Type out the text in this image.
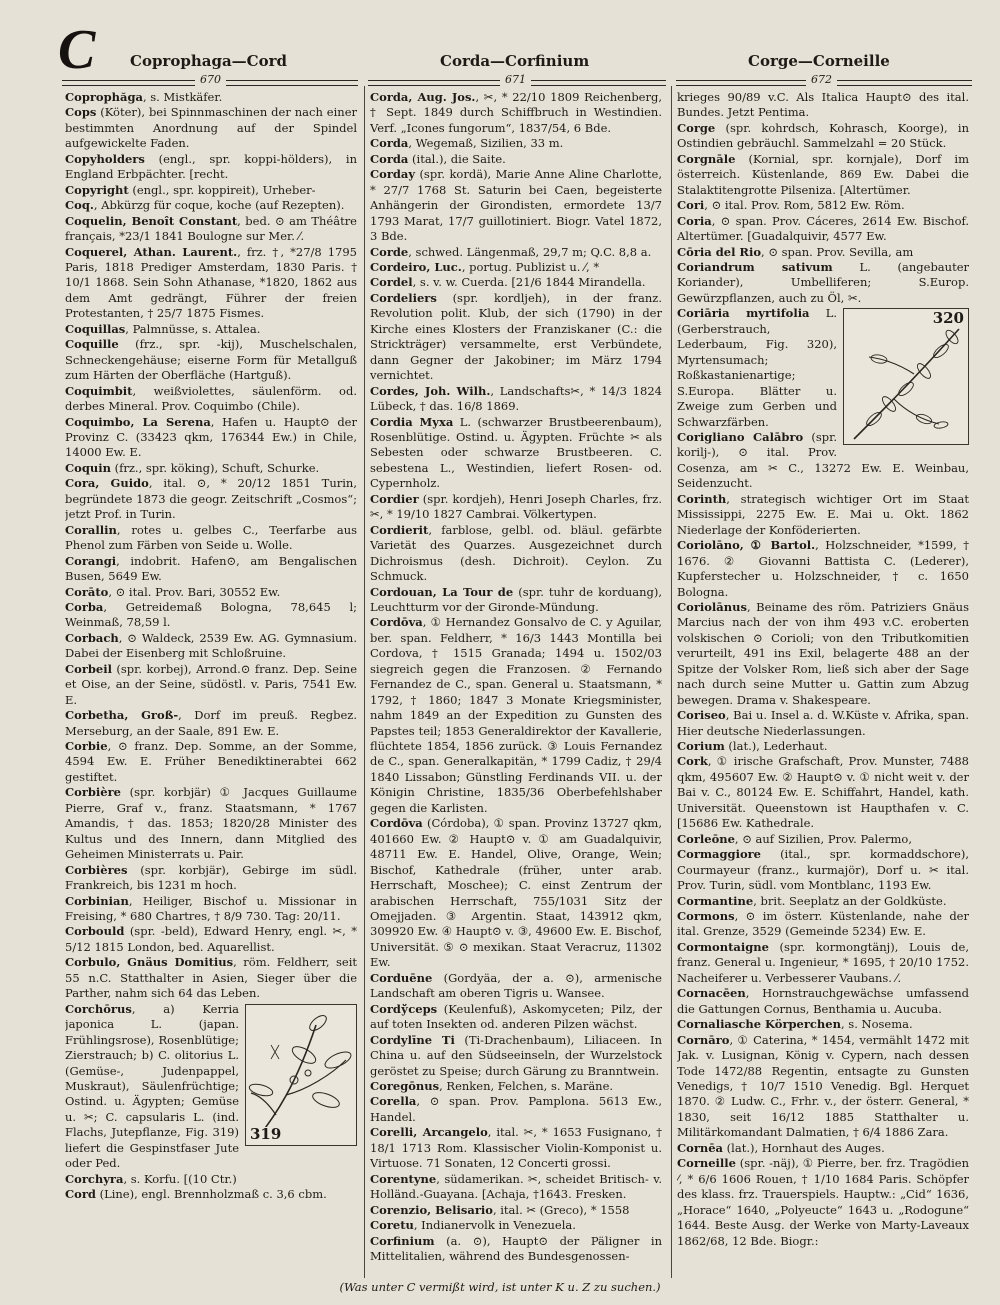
C Coprophaga—Cord	Corda—Corfinium	Corge—Corneille
670	671	672

Coprophăga, s. Mistkäfer.

Cops (Köter), bei Spinnmaschinen der nach einer bestimmten Anordnung auf der Spindel aufgewickelte Faden.

Copyholders (engl., spr. koppi-hölders), in England Erbpächter. [recht.

Copyright (engl., spr. koppireit), Urheber-

Coq., Abkürzg für coque, koche (auf Rezepten).

Coquelin, Benoît Constant, bed. ⊙ am Théâtre français, *23/1 1841 Boulogne sur Mer. ⁄.

Coquerel, Athan. Laurent., frz. †, *27/8 1795 Paris, 1818 Prediger Amsterdam, 1830 Paris. † 10/1 1868. Sein Sohn Athanase, *1820, 1862 aus dem Amt gedrängt, Führer der freien Protestanten, † 25/7 1875 Fismes.

Coquillas, Palmnüsse, s. Attalea.

Coquille (frz., spr. -kij), Muschelschalen, Schneckengehäuse; eiserne Form für Metallguß zum Härten der Oberfläche (Hartguß).

Coquimbit, weißviolettes, säulenförm. od. derbes Mineral. Prov. Coquimbo (Chile).

Coquimbo, La Serena, Hafen u. Haupt⊙ der Provinz C. (33423 qkm, 176344 Ew.) in Chile, 14000 Ew. E.

Coquin (frz., spr. köking), Schuft, Schurke.

Cora, Guido, ital. ⊙, * 20/12 1851 Turin, begründete 1873 die geogr. Zeitschrift „Cosmos“; jetzt Prof. in Turin.

Corallin, rotes u. gelbes C., Teerfarbe aus Phenol zum Färben von Seide u. Wolle.

Corangi, indobrit. Hafen⊙, am Bengalischen Busen, 5649 Ew.

Corāto, ⊙ ital. Prov. Bari, 30552 Ew.

Corba, Getreidemaß Bologna, 78,645 l; Weinmaß, 78,59 l.

Corbach, ⊙ Waldeck, 2539 Ew. AG. Gymnasium. Dabei der Eisenberg mit Schloßruine.

Corbeil (spr. korbej), Arrond.⊙ franz. Dep. Seine et Oise, an der Seine, südöstl. v. Paris, 7541 Ew. E.

Corbetha, Groß-, Dorf im preuß. Regbez. Merseburg, an der Saale, 891 Ew. E.

Corbie, ⊙ franz. Dep. Somme, an der Somme, 4594 Ew. E. Früher Benediktinerabtei 662 gestiftet.

Corbière (spr. korbjär) ① Jacques Guillaume Pierre, Graf v., franz. Staatsmann, * 1767 Amandis, † das. 1853; 1820/28 Minister des Kultus und des Innern, dann Mitglied des Geheimen Ministerrats u. Pair.

Corbières (spr. korbjär), Gebirge im südl. Frankreich, bis 1231 m hoch.

Corbinian, Heiliger, Bischof u. Missionar in Freising, * 680 Chartres, † 8/9 730. Tag: 20/11.

Corbould (spr. -beld), Edward Henry, engl. ✂, * 5/12 1815 London, bed. Aquarellist.

Corbulo, Gnäus Domitius, röm. Feldherr, seit 55 n.C. Statthalter in Asien, Sieger über die Parther, nahm sich 64 das Leben.

319
Corchōrus, a) Kerria japonica L. (japan. Frühlingsrose), Rosenblütige; Zierstrauch; b) C. olitorius L. (Gemüse-, Judenpappel, Muskraut), Säulenfrüchtige; Ostind. u. Ägypten; Gemüse u. ✂; C. capsularis L. (ind. Flachs, Jutepflanze, Fig. 319) liefert die Gespinstfaser Jute oder Ped.

Corchyra, s. Korfu. [(10 Ctr.)

Cord (Line), engl. Brennholzmaß c. 3,6 cbm.

Corda, Aug. Jos., ✂, * 22/10 1809 Reichenberg, † Sept. 1849 durch Schiffbruch in Westindien. Verf. „Icones fungorum“, 1837/54, 6 Bde.

Corda, Wegemaß, Sizilien, 33 m.

Corda (ital.), die Saite.

Corday (spr. kordä), Marie Anne Aline Charlotte, * 27/7 1768 St. Saturin bei Caen, begeisterte Anhängerin der Girondisten, ermordete 13/7 1793 Marat, 17/7 guillotiniert. Biogr. Vatel 1872, 3 Bde.

Corde, schwed. Längenmaß, 29,7 m; Q.C. 8,8 a.

Cordeiro, Luc., portug. Publizist u. ⁄, *

Cordel, s. v. w. Cuerda. [21/6 1844 Mirandella.

Cordeliers (spr. kordljeh), in der franz. Revolution polit. Klub, der sich (1790) in der Kirche eines Klosters der Franziskaner (C.: die Strickträger) versammelte, erst Verbündete, dann Gegner der Jakobiner; im März 1794 vernichtet.

Cordes, Joh. Wilh., Landschafts✂, * 14/3 1824 Lübeck, † das. 16/8 1869.

Cordia Myxa L. (schwarzer Brustbeerenbaum), Rosenblütige. Ostind. u. Ägypten. Früchte ✂ als Sebesten oder schwarze Brustbeeren. C. sebestena L., Westindien, liefert Rosen- od. Cypernholz.

Cordier (spr. kordjeh), Henri Joseph Charles, frz. ✂, * 19/10 1827 Cambrai. Völkertypen.

Cordierit, farblose, gelbl. od. bläul. gefärbte Varietät des Quarzes. Ausgezeichnet durch Dichroismus (desh. Dichroit). Ceylon. Zu Schmuck.

Cordouan, La Tour de (spr. tuhr de korduang), Leuchtturm vor der Gironde-Mündung.

Cordōva, ① Hernandez Gonsalvo de C. y Aguilar, ber. span. Feldherr, * 16/3 1443 Montilla bei Cordova, † 1515 Granada; 1494 u. 1502/03 siegreich gegen die Franzosen. ② Fernando Fernandez de C., span. General u. Staatsmann, * 1792, † 1860; 1847 3 Monate Kriegsminister, nahm 1849 an der Expedition zu Gunsten des Papstes teil; 1853 Generaldirektor der Kavallerie, flüchtete 1854, 1856 zurück. ③ Louis Fernandez de C., span. Generalkapitän, * 1799 Cadiz, † 29/4 1840 Lissabon; Günstling Ferdinands VII. u. der Königin Christine, 1835/36 Oberbefehlshaber gegen die Karlisten.

Cordōva (Córdoba), ① span. Provinz 13727 qkm, 401660 Ew. ② Haupt⊙ v. ① am Guadalquivir, 48711 Ew. E. Handel, Olive, Orange, Wein; Bischof, Kathedrale (früher, unter arab. Herrschaft, Moschee); C. einst Zentrum der arabischen Herrschaft, 755/1031 Sitz der Omejjaden. ③ Argentin. Staat, 143912 qkm, 309920 Ew. ④ Haupt⊙ v. ③, 49600 Ew. E. Bischof, Universität. ⑤ ⊙ mexikan. Staat Veracruz, 11302 Ew.

Corduēne (Gordyäa, der a. ⊙), armenische Landschaft am oberen Tigris u. Wansee.

Cordўceps (Keulenfuß), Askomyceten; Pilz, der auf toten Insekten od. anderen Pilzen wächst.

Cordylīne Ti (Ti-Drachenbaum), Liliaceen. In China u. auf den Südseeinseln, der Wurzelstock geröstet zu Speise; durch Gärung zu Branntwein.

Coregōnus, Renken, Felchen, s. Maräne.

Corella, ⊙ span. Prov. Pamplona. 5613 Ew., Handel.

Corelli, Arcangelo, ital. ✂, * 1653 Fusignano, † 18/1 1713 Rom. Klassischer Violin-Komponist u. Virtuose. 71 Sonaten, 12 Concerti grossi.

Corentyne, südamerikan. ✂, scheidet Britisch- v. Holländ.-Guayana. [Achaja, †1643. Fresken.

Corenzio, Belisario, ital. ✂ (Greco), * 1558

Coretu, Indianervolk in Venezuela.

Corfinium (a. ⊙), Haupt⊙ der Päligner in Mittelitalien, während des Bundesgenossen-

krieges 90/89 v.C. Als Italica Haupt⊙ des ital. Bundes. Jetzt Pentima.

Corge (spr. kohrdsch, Kohrasch, Koorge), in Ostindien gebräuchl. Sammelzahl = 20 Stück.

Corgnāle (Kornial, spr. kornjale), Dorf im österreich. Küstenlande, 869 Ew. Dabei die Stalaktitengrotte Pilsenizа. [Altertümer.

Cori, ⊙ ital. Prov. Rom, 5812 Ew. Röm.

Coria, ⊙ span. Prov. Cáceres, 2614 Ew. Bischof. Altertümer. [Guadalquivir, 4577 Ew.

Cōria del Rio, ⊙ span. Prov. Sevilla, am

Coriandrum sativum L. (angebauter Koriander), Umbelliferen; S.Europ. Gewürzpflanzen, auch zu Öl, ✂.

320
Coriāria myrtifolia L. (Gerberstrauch, Lederbaum, Fig. 320), Myrtensumach; Roßkastanienartige; S.Europa. Blätter u. Zweige zum Gerben und Schwarzfärben.

Corigliano Calābro (spr. korilj-), ⊙ ital. Prov. Cosenza, am ✂ C., 13272 Ew. E. Weinbau, Seidenzucht.

Corinth, strategisch wichtiger Ort im Staat Mississippi, 2275 Ew. E. Mai u. Okt. 1862 Niederlage der Konföderierten.

Coriolāno, ① Bartol., Holzschneider, *1599, † 1676. ② Giovanni Battista C. (Lederer), Kupferstecher u. Holzschneider, † c. 1650 Bologna.

Coriolānus, Beiname des röm. Patriziers Gnäus Marcius nach der von ihm 493 v.C. eroberten volskischen ⊙ Corioli; von den Tributkomitien verurteilt, 491 ins Exil, belagerte 488 an der Spitze der Volsker Rom, ließ sich aber der Sage nach durch seine Mutter u. Gattin zum Abzug bewegen. Drama v. Shakespeare.

Coriseo, Bai u. Insel a. d. W.Küste v. Afrika, span. Hier deutsche Niederlassungen.

Corium (lat.), Lederhaut.

Cork, ① irische Grafschaft, Prov. Munster, 7488 qkm, 495607 Ew. ② Haupt⊙ v. ① nicht weit v. der Bai v. C., 80124 Ew. E. Schiffahrt, Handel, kath. Universität. Queenstown ist Haupthafen v. C. [15686 Ew. Kathedrale.

Corleōne, ⊙ auf Sizilien, Prov. Palermo,

Cormaggiore (ital., spr. kormaddschore), Courmayeur (franz., kurmajör), Dorf u. ✂ ital. Prov. Turin, südl. vom Montblanc, 1193 Ew.

Cormantine, brit. Seeplatz an der Goldküste.

Cormons, ⊙ im österr. Küstenlande, nahe der ital. Grenze, 3529 (Gemeinde 5234) Ew. E.

Cormontaigne (spr. kormongtänj), Louis de, franz. General u. Ingenieur, * 1695, † 20/10 1752. Nacheiferer u. Verbesserer Vaubans. ⁄.

Cornacēen, Hornstrauchgewächse umfassend die Gattungen Cornus, Benthamia u. Aucuba.

Cornaliasche Körperchen, s. Nosema.

Cornāro, ① Caterina, * 1454, vermählt 1472 mit Jak. v. Lusignan, König v. Cypern, nach dessen Tode 1472/88 Regentin, entsagte zu Gunsten Venedigs, † 10/7 1510 Venedig. Bgl. Herquet 1870. ② Ludw. C., Frhr. v., der österr. General, * 1830, seit 16/12 1885 Statthalter u. Militärkomandant Dalmatien, † 6/4 1886 Zara.

Cornēa (lat.), Hornhaut des Auges.

Corneille (spr. -näj), ① Pierre, ber. frz. Tragödien ⁄, * 6/6 1606 Rouen, † 1/10 1684 Paris. Schöpfer des klass. frz. Trauerspiels. Hauptw.: „Cid“ 1636, „Horace“ 1640, „Polyeucte“ 1643 u. „Rodogune“ 1644. Beste Ausg. der Werke von Marty-Laveaux 1862/68, 12 Bde. Biogr.:

(Was unter C vermißt wird, ist unter K u. Z zu suchen.)
